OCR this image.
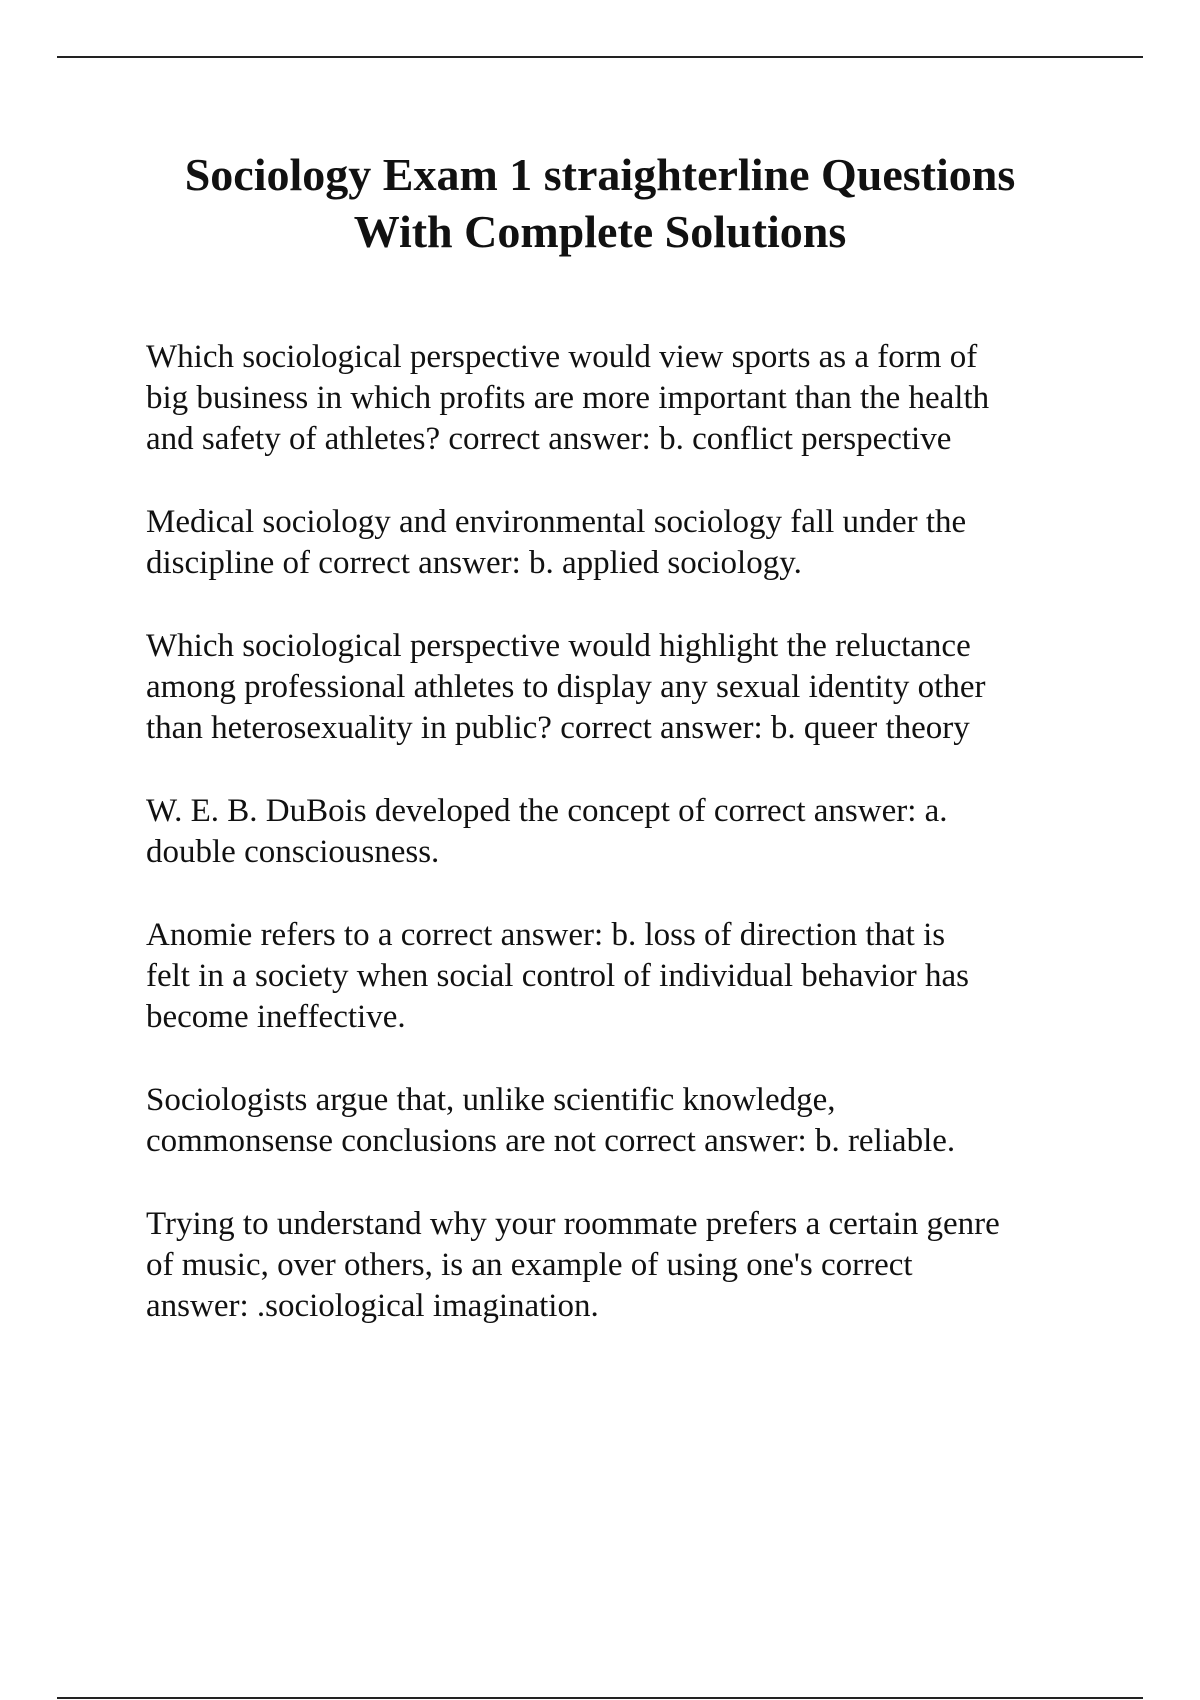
Sociology Exam 1 straighterline Questions
With Complete Solutions

Which sociological perspective would view sports as a form of
big business in which profits are more important than the health
and safety of athletes? correct answer: b. conflict perspective

Medical sociology and environmental sociology fall under the
discipline of correct answer: b. applied sociology.

Which sociological perspective would highlight the reluctance
among professional athletes to display any sexual identity other
than heterosexuality in public? correct answer: b. queer theory

W. E. B. DuBois developed the concept of correct answer: a.
double consciousness.

Anomie refers to a correct answer: b. loss of direction that is
felt in a society when social control of individual behavior has
become ineffective.

Sociologists argue that, unlike scientific knowledge,
commonsense conclusions are not correct answer: b. reliable.

Trying to understand why your roommate prefers a certain genre
of music, over others, is an example of using one's correct
answer: .sociological imagination.
